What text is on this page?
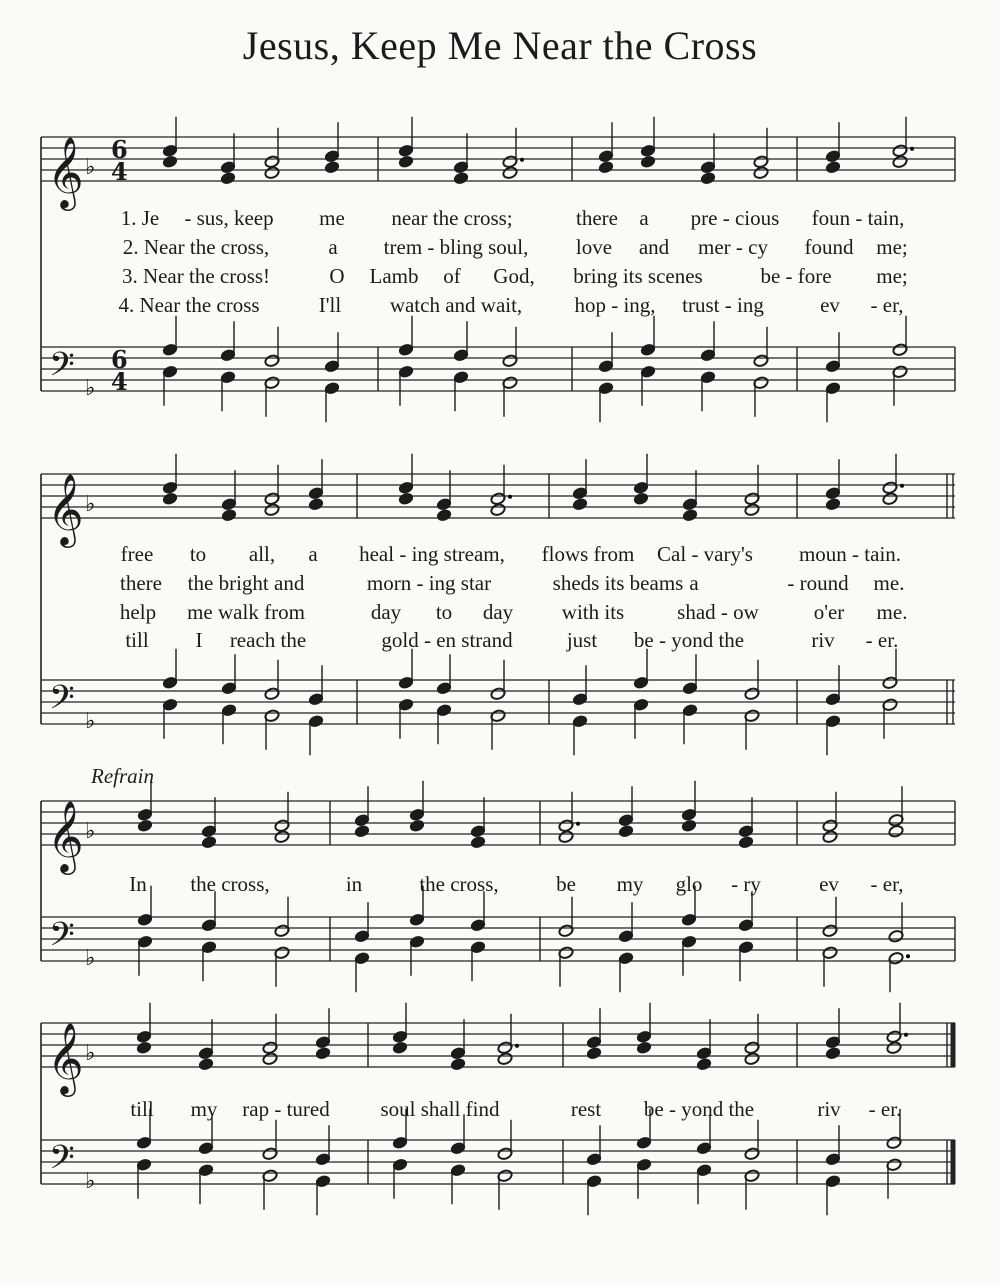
Jesus, Keep Me Near the Cross
𝄞
𝄢
♭
♭
6
4
6
4
𝄞
𝄢
♭
♭
𝄞
𝄢
♭
♭
𝄞
𝄢
♭
♭
Refrain
1. Je - sus, keep me near the cross;	there a pre - cious foun - tain,
2. Near the cross,	a trem - bling soul, love and mer - cy found me;
3. Near the cross!	O Lamb of God, bring its scenes	be - fore me;
4. Near the cross	I'll watch and wait, hop - ing, trust - ing	ev - er,
free to all, a heal - ing stream, flows from Cal - vary's moun - tain.
there the bright and	morn - ing star	sheds its beams a	- round me.
help me walk from	day to day with its	shad - ow	o'er me.
till I reach the	gold - en strand	just be - yond the	riv - er.
In the cross,	in	the cross,	be my glo - ry	ev - er,
till my rap - tured soul shall find	rest be - yond the	riv - er.
